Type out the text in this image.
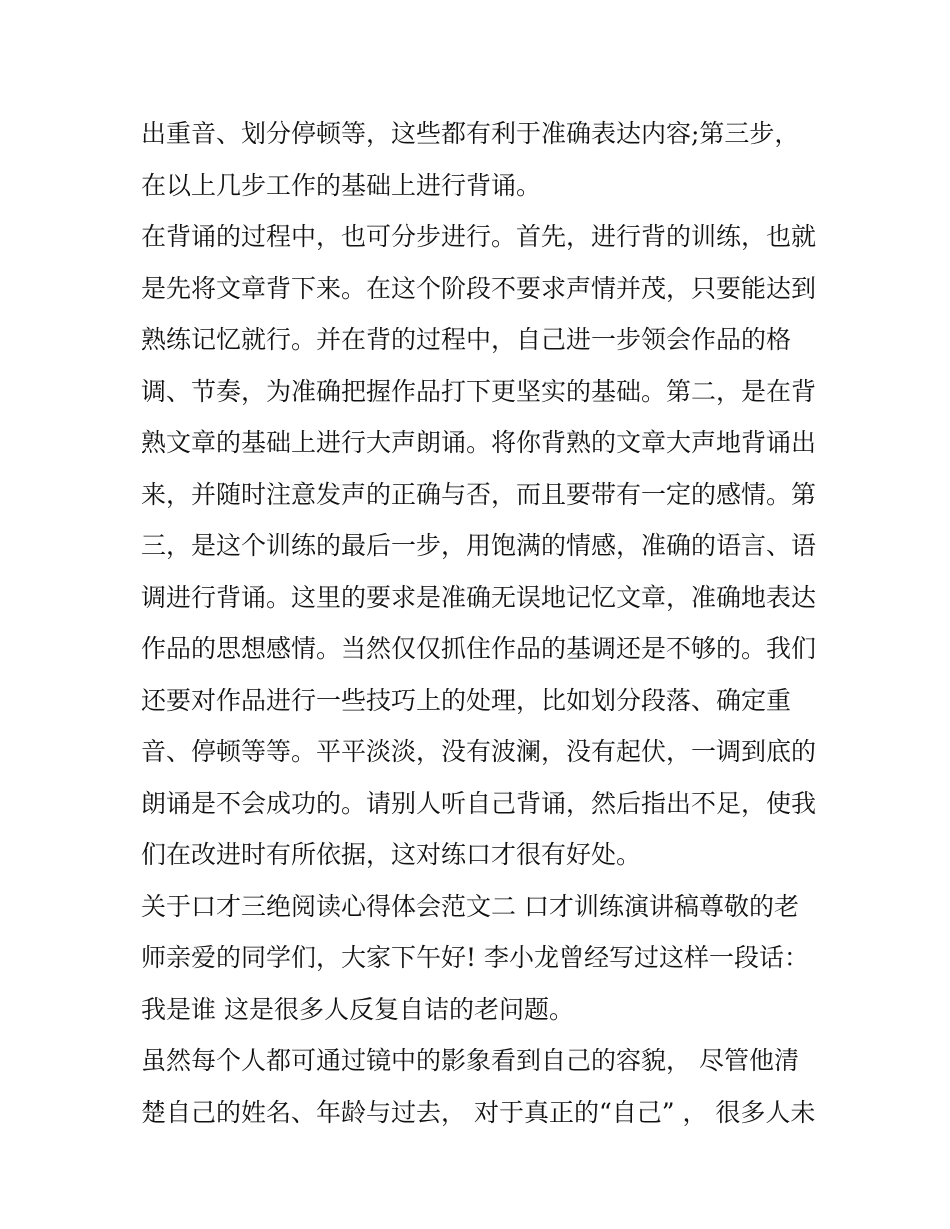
出重音、划分停顿等，这些都有利于准确表达内容;第三步，
在以上几步工作的基础上进行背诵。
在背诵的过程中，也可分步进行。首先，进行背的训练，也就
是先将文章背下来。在这个阶段不要求声情并茂，只要能达到
熟练记忆就行。并在背的过程中，自己进一步领会作品的格
调、节奏，为准确把握作品打下更坚实的基础。第二，是在背
熟文章的基础上进行大声朗诵。将你背熟的文章大声地背诵出
来，并随时注意发声的正确与否，而且要带有一定的感情。第
三，是这个训练的最后一步，用饱满的情感，准确的语言、语
调进行背诵。这里的要求是准确无误地记忆文章，准确地表达
作品的思想感情。当然仅仅抓住作品的基调还是不够的。我们
还要对作品进行一些技巧上的处理，比如划分段落、确定重
音、停顿等等。平平淡淡，没有波澜，没有起伏，一调到底的
朗诵是不会成功的。请别人听自己背诵，然后指出不足，使我
们在改进时有所依据，这对练口才很有好处。
关于口才三绝阅读心得体会范文二 口才训练演讲稿尊敬的老
师亲爱的同学们，大家下午好! 李小龙曾经写过这样一段话：
我是谁 这是很多人反复自诘的老问题。
虽然每个人都可通过镜中的影象看到自己的容貌， 尽管他清
楚自己的姓名、年龄与过去， 对于真正的“自己” ， 很多人未
